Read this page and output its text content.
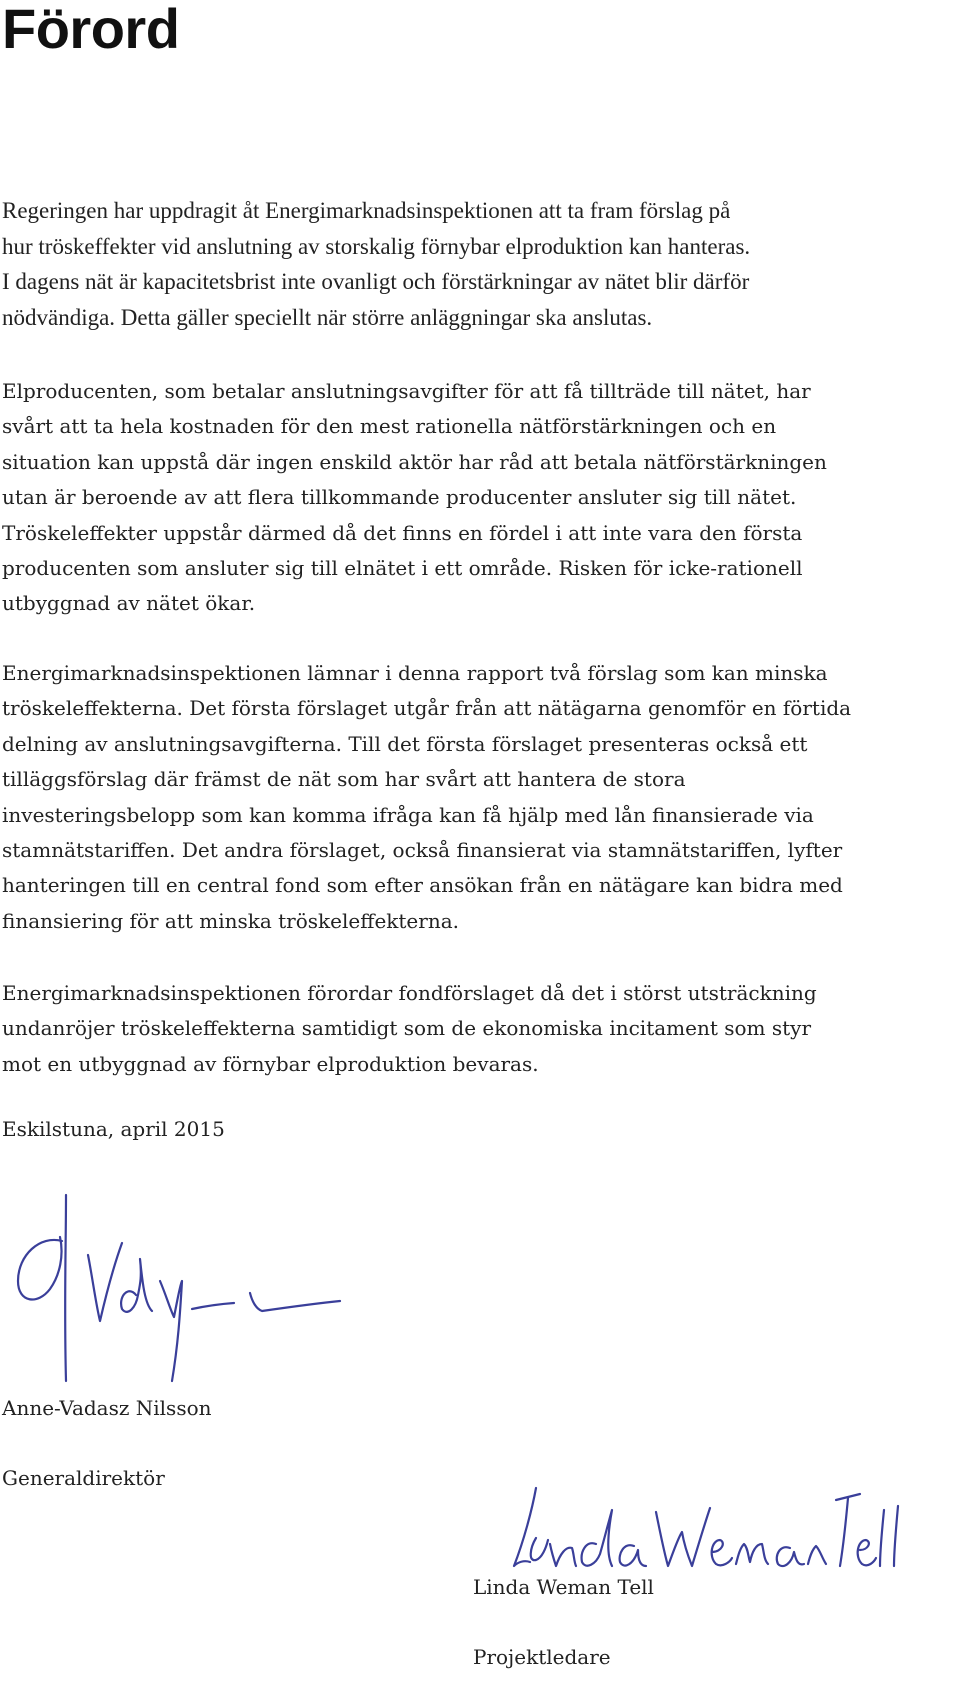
Förord

Regeringen har uppdragit åt Energimarknadsinspektionen att ta fram förslag på
hur tröskeffekter vid anslutning av storskalig förnybar elproduktion kan hanteras.
I dagens nät är kapacitetsbrist inte ovanligt och förstärkningar av nätet blir därför
nödvändiga. Detta gäller speciellt när större anläggningar ska anslutas.

Elproducenten, som betalar anslutningsavgifter för att få tillträde till nätet, har
svårt att ta hela kostnaden för den mest rationella nätförstärkningen och en
situation kan uppstå där ingen enskild aktör har råd att betala nätförstärkningen
utan är beroende av att flera tillkommande producenter ansluter sig till nätet.
Tröskeleffekter uppstår därmed då det finns en fördel i att inte vara den första
producenten som ansluter sig till elnätet i ett område. Risken för icke-rationell
utbyggnad av nätet ökar.

Energimarknadsinspektionen lämnar i denna rapport två förslag som kan minska
tröskeleffekterna. Det första förslaget utgår från att nätägarna genomför en förtida
delning av anslutningsavgifterna. Till det första förslaget presenteras också ett
tilläggsförslag där främst de nät som har svårt att hantera de stora
investeringsbelopp som kan komma ifråga kan få hjälp med lån finansierade via
stamnätstariffen. Det andra förslaget, också finansierat via stamnätstariffen, lyfter
hanteringen till en central fond som efter ansökan från en nätägare kan bidra med
finansiering för att minska tröskeleffekterna.

Energimarknadsinspektionen förordar fondförslaget då det i störst utsträckning
undanröjer tröskeleffekterna samtidigt som de ekonomiska incitament som styr
mot en utbyggnad av förnybar elproduktion bevaras.

Eskilstuna, april 2015

Anne-Vadasz Nilsson

Generaldirektör

Linda Weman Tell

Projektledare
